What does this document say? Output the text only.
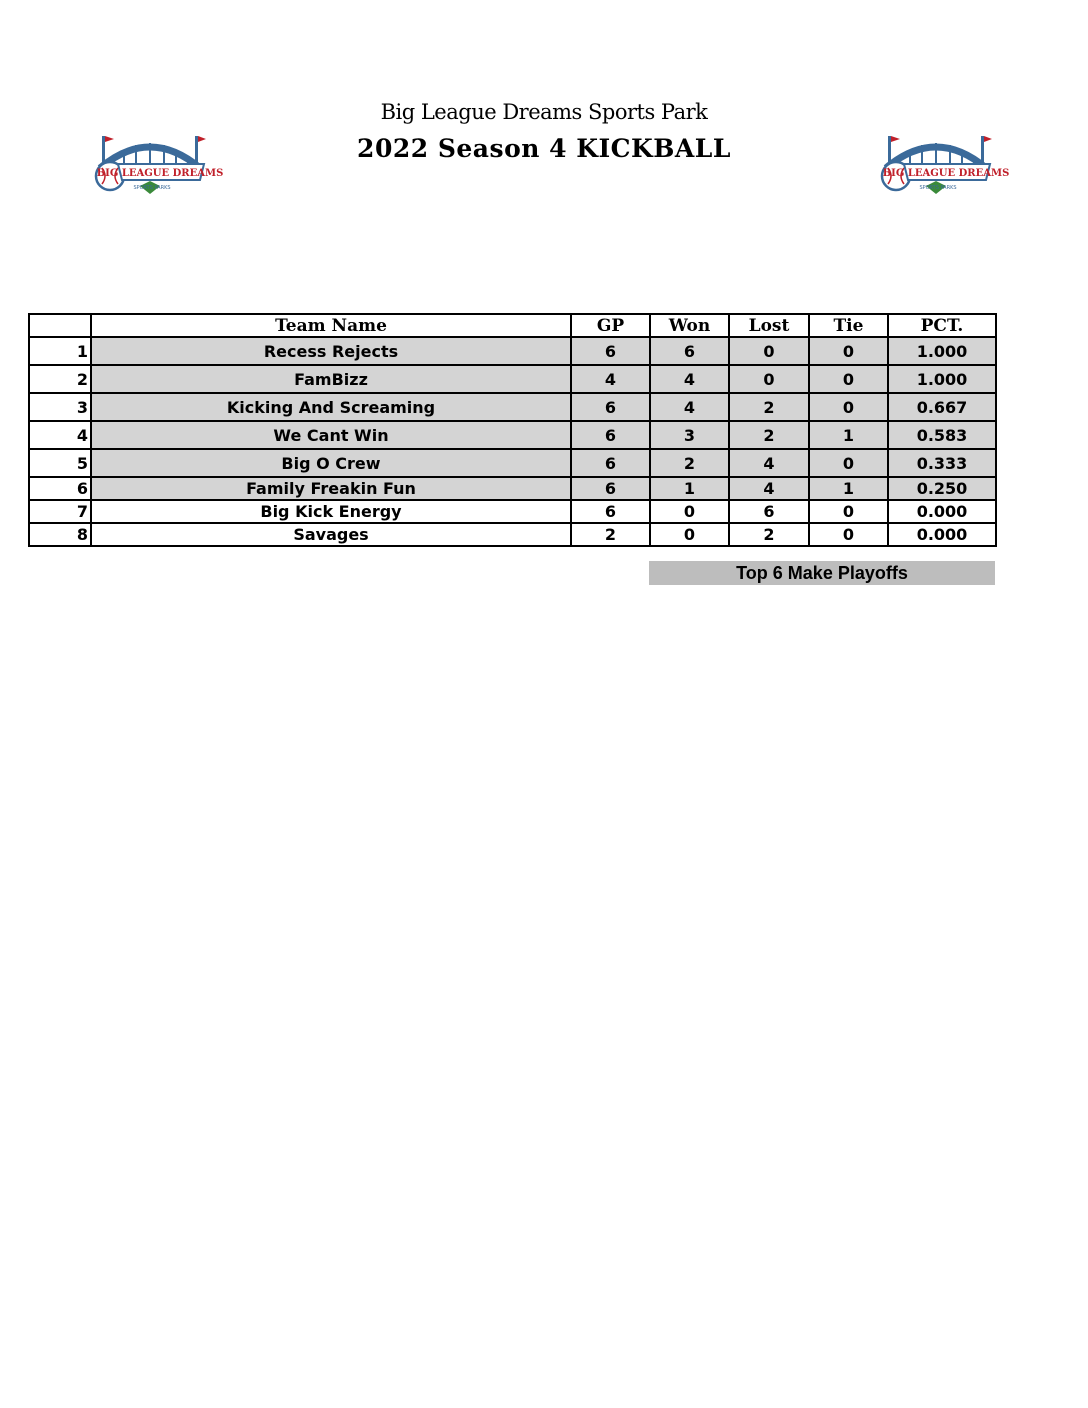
Big League Dreams Sports Park
2022 Season 4 KICKBALL
BIG LEAGUE DREAMS
SPORTS PARKS
BIG LEAGUE DREAMS
SPORTS PARKS
	Team Name	GP	Won	Lost	Tie	PCT.
1	Recess Rejects	6	6	0	0	1.000
2	FamBizz	4	4	0	0	1.000
3	Kicking And Screaming	6	4	2	0	0.667
4	We Cant Win	6	3	2	1	0.583
5	Big O Crew	6	2	4	0	0.333
6	Family Freakin Fun	6	1	4	1	0.250
7	Big Kick Energy	6	0	6	0	0.000
8	Savages	2	0	2	0	0.000
Top 6 Make Playoffs
